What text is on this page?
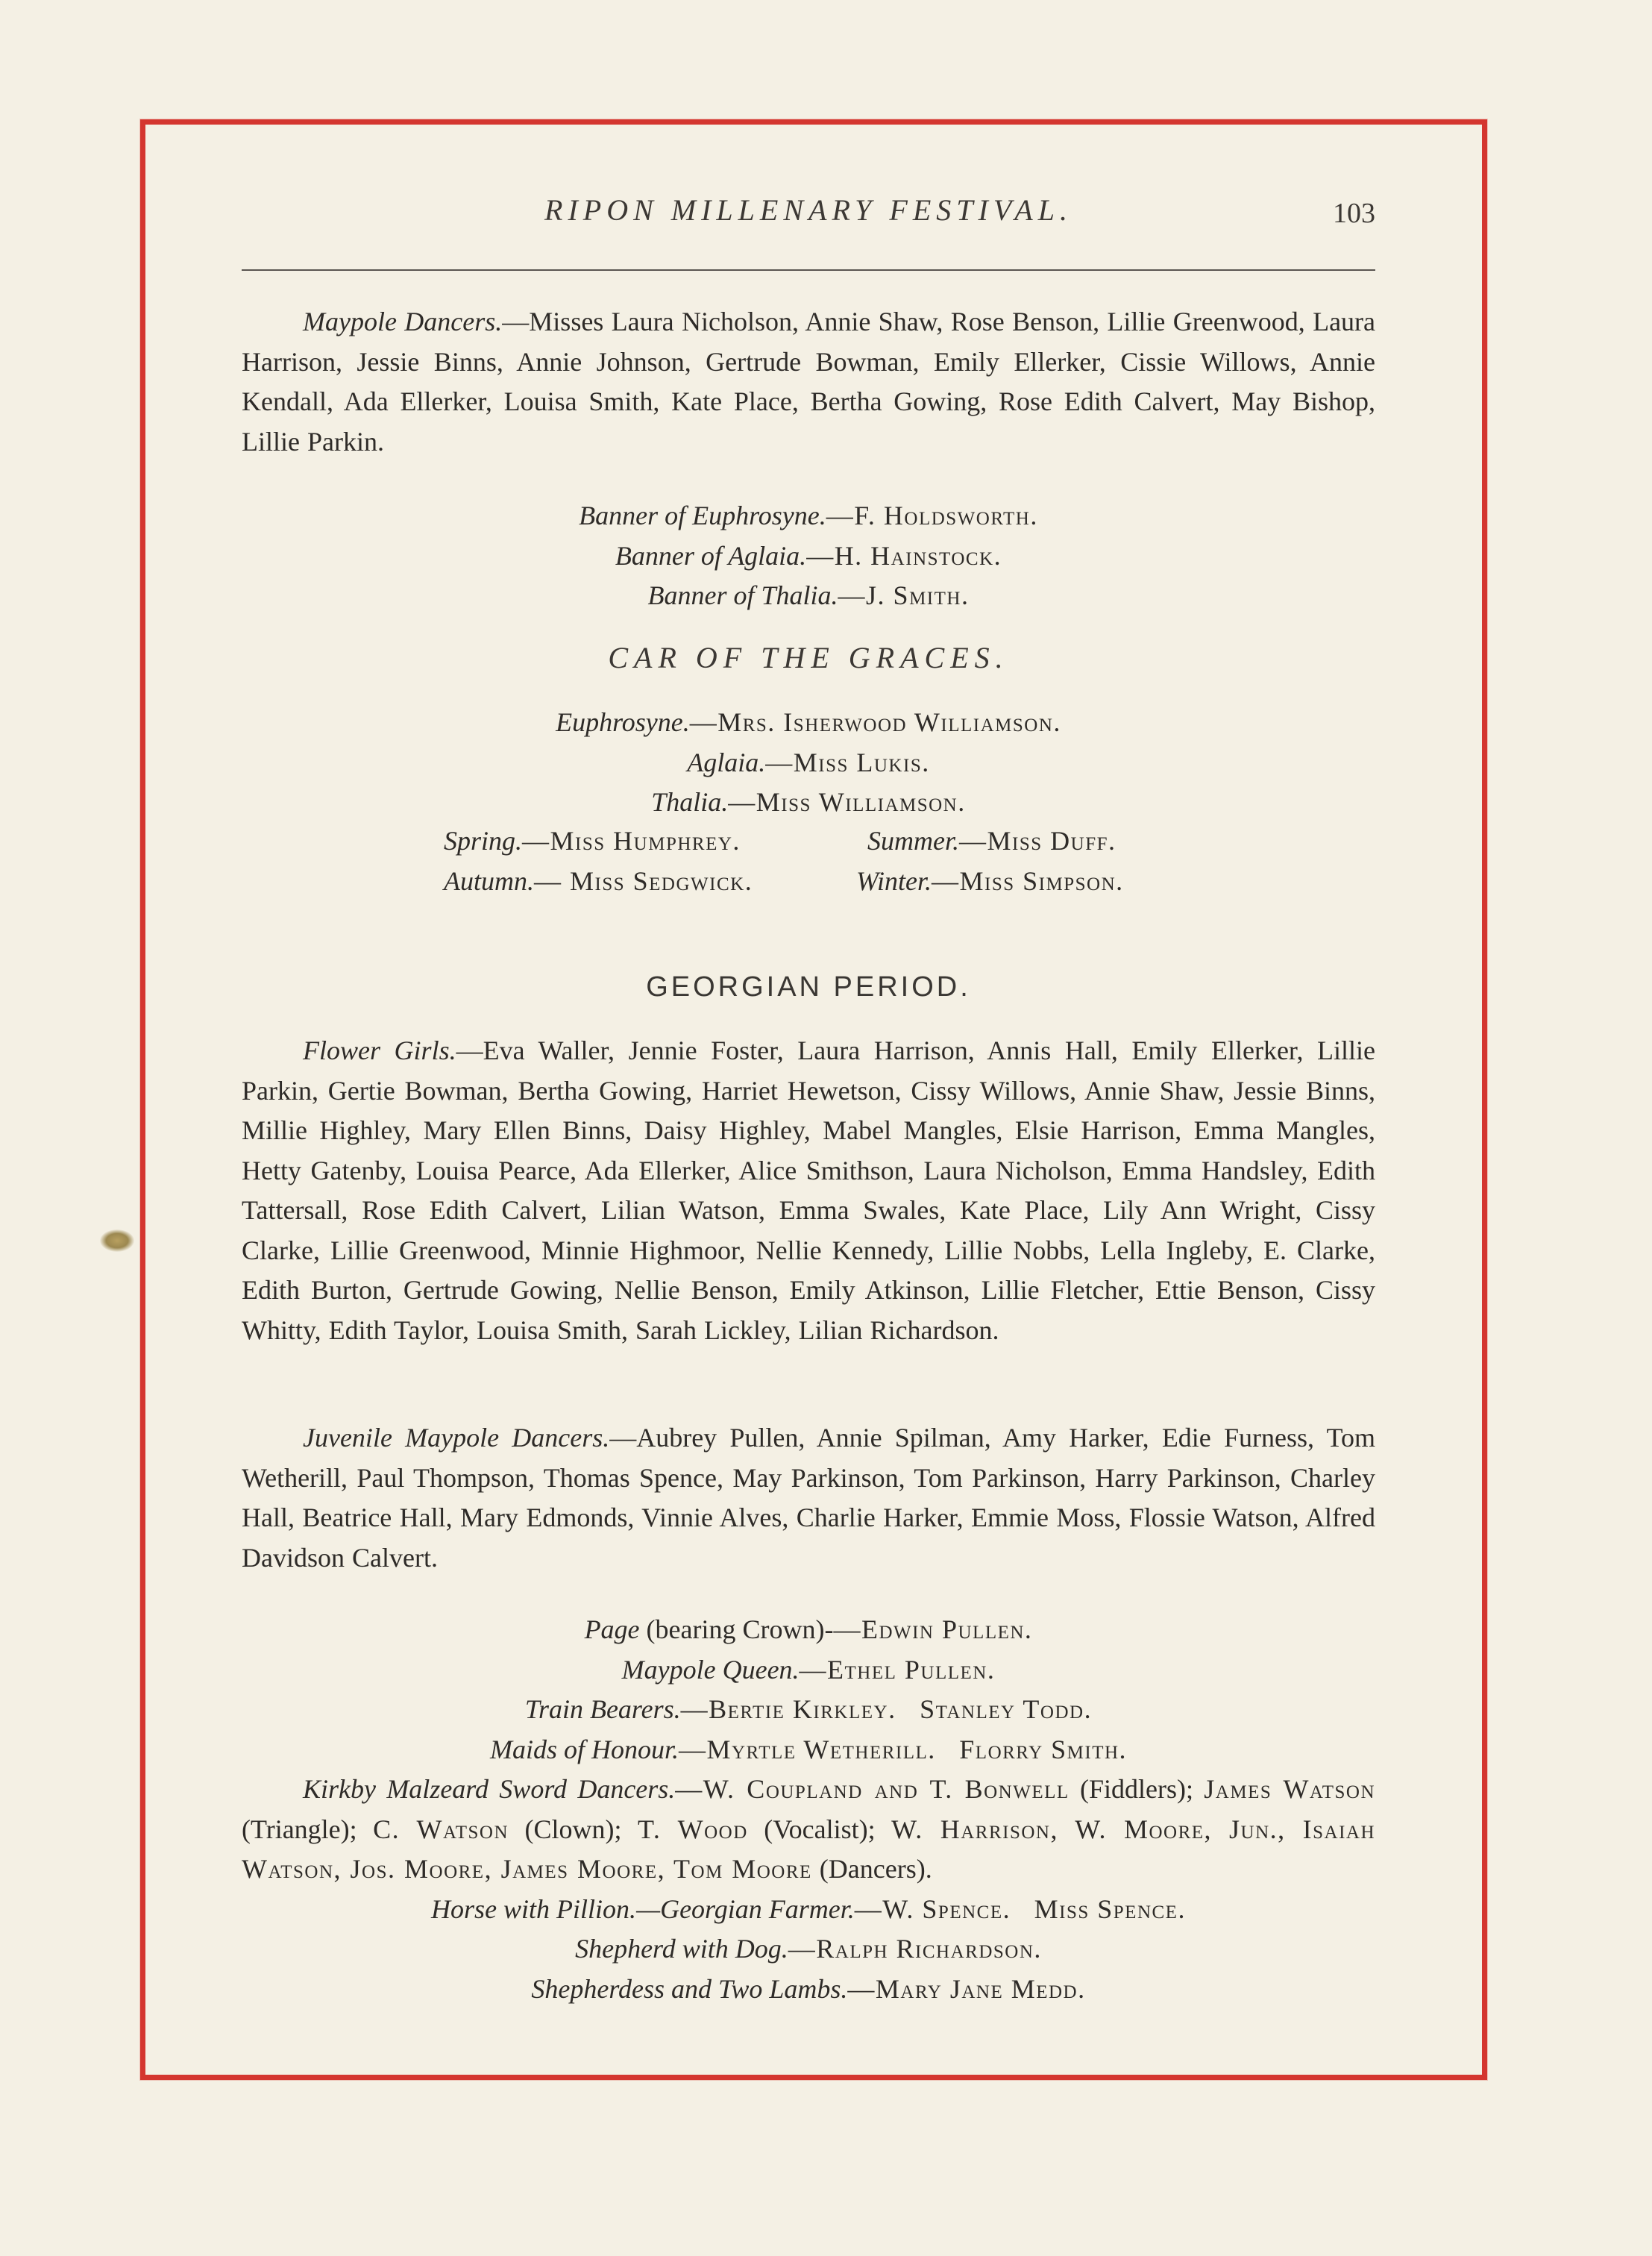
RIPON MILLENARY FESTIVAL.	103
Maypole Dancers.—Misses Laura Nicholson, Annie Shaw, Rose Benson, Lillie Greenwood, Laura Harrison, Jessie Binns, Annie Johnson, Gertrude Bowman, Emily Ellerker, Cissie Willows, Annie Kendall, Ada Ellerker, Louisa Smith, Kate Place, Bertha Gowing, Rose Edith Calvert, May Bishop, Lillie Parkin.
Banner of Euphrosyne.—F. Holdsworth.
Banner of Aglaia.—H. Hainstock.
Banner of Thalia.—J. Smith.
CAR OF THE GRACES.
Euphrosyne.—Mrs. Isherwood Williamson.
Aglaia.—Miss Lukis.
Thalia.—Miss Williamson.
Spring.—Miss Humphrey.	Summer.—Miss Duff.
Autumn.— Miss Sedgwick.	Winter.—Miss Simpson.
GEORGIAN PERIOD.
Flower Girls.—Eva Waller, Jennie Foster, Laura Harrison, Annis Hall, Emily Ellerker, Lillie Parkin, Gertie Bowman, Bertha Gowing, Harriet Hewetson, Cissy Willows, Annie Shaw, Jessie Binns, Millie Highley, Mary Ellen Binns, Daisy Highley, Mabel Mangles, Elsie Harrison, Emma Mangles, Hetty Gatenby, Louisa Pearce, Ada Ellerker, Alice Smithson, Laura Nicholson, Emma Handsley, Edith Tattersall, Rose Edith Calvert, Lilian Watson, Emma Swales, Kate Place, Lily Ann Wright, Cissy Clarke, Lillie Greenwood, Minnie Highmoor, Nellie Kennedy, Lillie Nobbs, Lella Ingleby, E. Clarke, Edith Burton, Gertrude Gowing, Nellie Benson, Emily Atkinson, Lillie Fletcher, Ettie Benson, Cissy Whitty, Edith Taylor, Louisa Smith, Sarah Lickley, Lilian Richardson.
Juvenile Maypole Dancers.—Aubrey Pullen, Annie Spilman, Amy Harker, Edie Furness, Tom Wetherill, Paul Thompson, Thomas Spence, May Parkinson, Tom Parkinson, Harry Parkinson, Charley Hall, Beatrice Hall, Mary Edmonds, Vinnie Alves, Charlie Harker, Emmie Moss, Flossie Watson, Alfred Davidson Calvert.
Page (bearing Crown)-—Edwin Pullen.
Maypole Queen.—Ethel Pullen.
Train Bearers.—Bertie Kirkley.   Stanley Todd.
Maids of Honour.—Myrtle Wetherill.   Florry Smith.
Kirkby Malzeard Sword Dancers.—W. Coupland and T. Bonwell (Fiddlers); James Watson (Triangle); C. Watson (Clown); T. Wood (Vocalist); W. Harrison, W. Moore, Jun., Isaiah Watson, Jos. Moore, James Moore, Tom Moore (Dancers).
Horse with Pillion.—Georgian Farmer.—W. Spence.   Miss Spence.
Shepherd with Dog.—Ralph Richardson.
Shepherdess and Two Lambs.—Mary Jane Medd.
